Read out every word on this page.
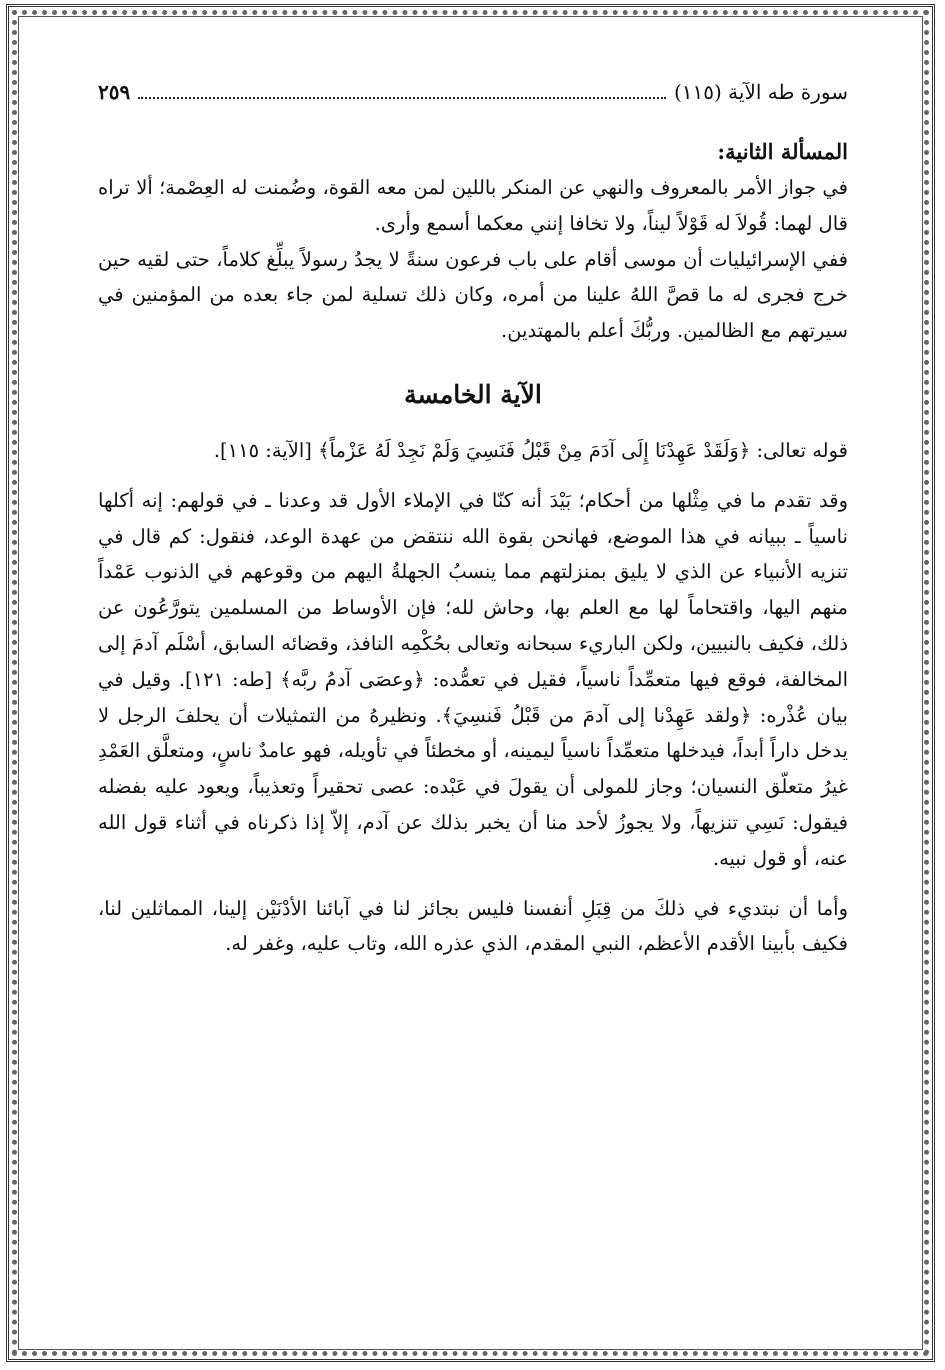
سورة طه الآية (١١٥)
٢٥٩
المسألة الثانية:

في جواز الأمر بالمعروف والنهي عن المنكر باللين لمن معه القوة، وضُمنت له العِصْمة؛ ألا تراه قال لهما: قُولاَ له قَوْلاً ليناً، ولا تخافا إنني معكما أسمع وأرى.

ففي الإسرائيليات أن موسى أقام على باب فرعون سنةً لا يجدُ رسولاً يبلِّغ كلاماً، حتى لقيه حين خرج فجرى له ما قصَّ اللهُ علينا من أمره، وكان ذلك تسلية لمن جاء بعده من المؤمنين في سيرتهم مع الظالمين. وربُّكَ أعلم بالمهتدين.

الآية الخامسة

قوله تعالى: ﴿وَلَقَدْ عَهِدْنَا إِلَى آدَمَ مِنْ قَبْلُ فَنَسِيَ وَلَمْ نَجِدْ لَهُ عَزْماً﴾ [الآية: ١١٥].

وقد تقدم ما في مِثْلها من أحكام؛ بَيْدَ أنه كنّا في الإملاء الأول قد وعدنا ـ في قولهم: إنه أكلها ناسياً ـ ببيانه في هذا الموضع، فهانحن بقوة الله ننتقض من عهدة الوعد، فنقول: كم قال في تنزيه الأنبياء عن الذي لا يليق بمنزلتهم مما ينسبُ الجهلةُ اليهم من وقوعهم في الذنوب عَمْداً منهم اليها، واقتحاماً لها مع العلم بها، وحاش لله؛ فإن الأوساط من المسلمين يتورَّعُون عن ذلك، فكيف بالنبيين، ولكن الباريء سبحانه وتعالى بحُكْمِه النافذ، وقضائه السابق، أسْلَم آدمَ إلى المخالفة، فوقع فيها متعمِّداً ناسياً، فقيل في تعمُّده: ﴿وعصَى آدمُ ربَّه﴾ [طه: ١٢١]. وقيل في بيان عُذْره: ﴿ولقد عَهِدْنا إلى آدمَ من قَبْلُ فَنسِيَ﴾. ونظيرهُ من التمثيلات أن يحلفَ الرجل لا يدخل داراً أبداً، فيدخلها متعمِّداً ناسياً ليمينه، أو مخطئاً في تأويله، فهو عامدٌ ناسٍ، ومتعلَّق العَمْدِ غيرُ متعلّق النسيان؛ وجاز للمولى أن يقولَ في عَبْده: عصى تحقيراً وتعذيباً، ويعود عليه بفضله فيقول: نَسِي تنزيهاً، ولا يجوزُ لأحد منا أن يخبر بذلك عن آدم، إلاّ إذا ذكرناه في أثناء قول الله عنه، أو قول نبيه.

وأما أن نبتديء في ذلكَ من قِبَلِ أنفسنا فليس بجائز لنا في آبائنا الأدْنَيْن إلينا، المماثلين لنا، فكيف بأبينا الأقدم الأعظم، النبي المقدم، الذي عذره الله، وتاب عليه، وغفر له.
